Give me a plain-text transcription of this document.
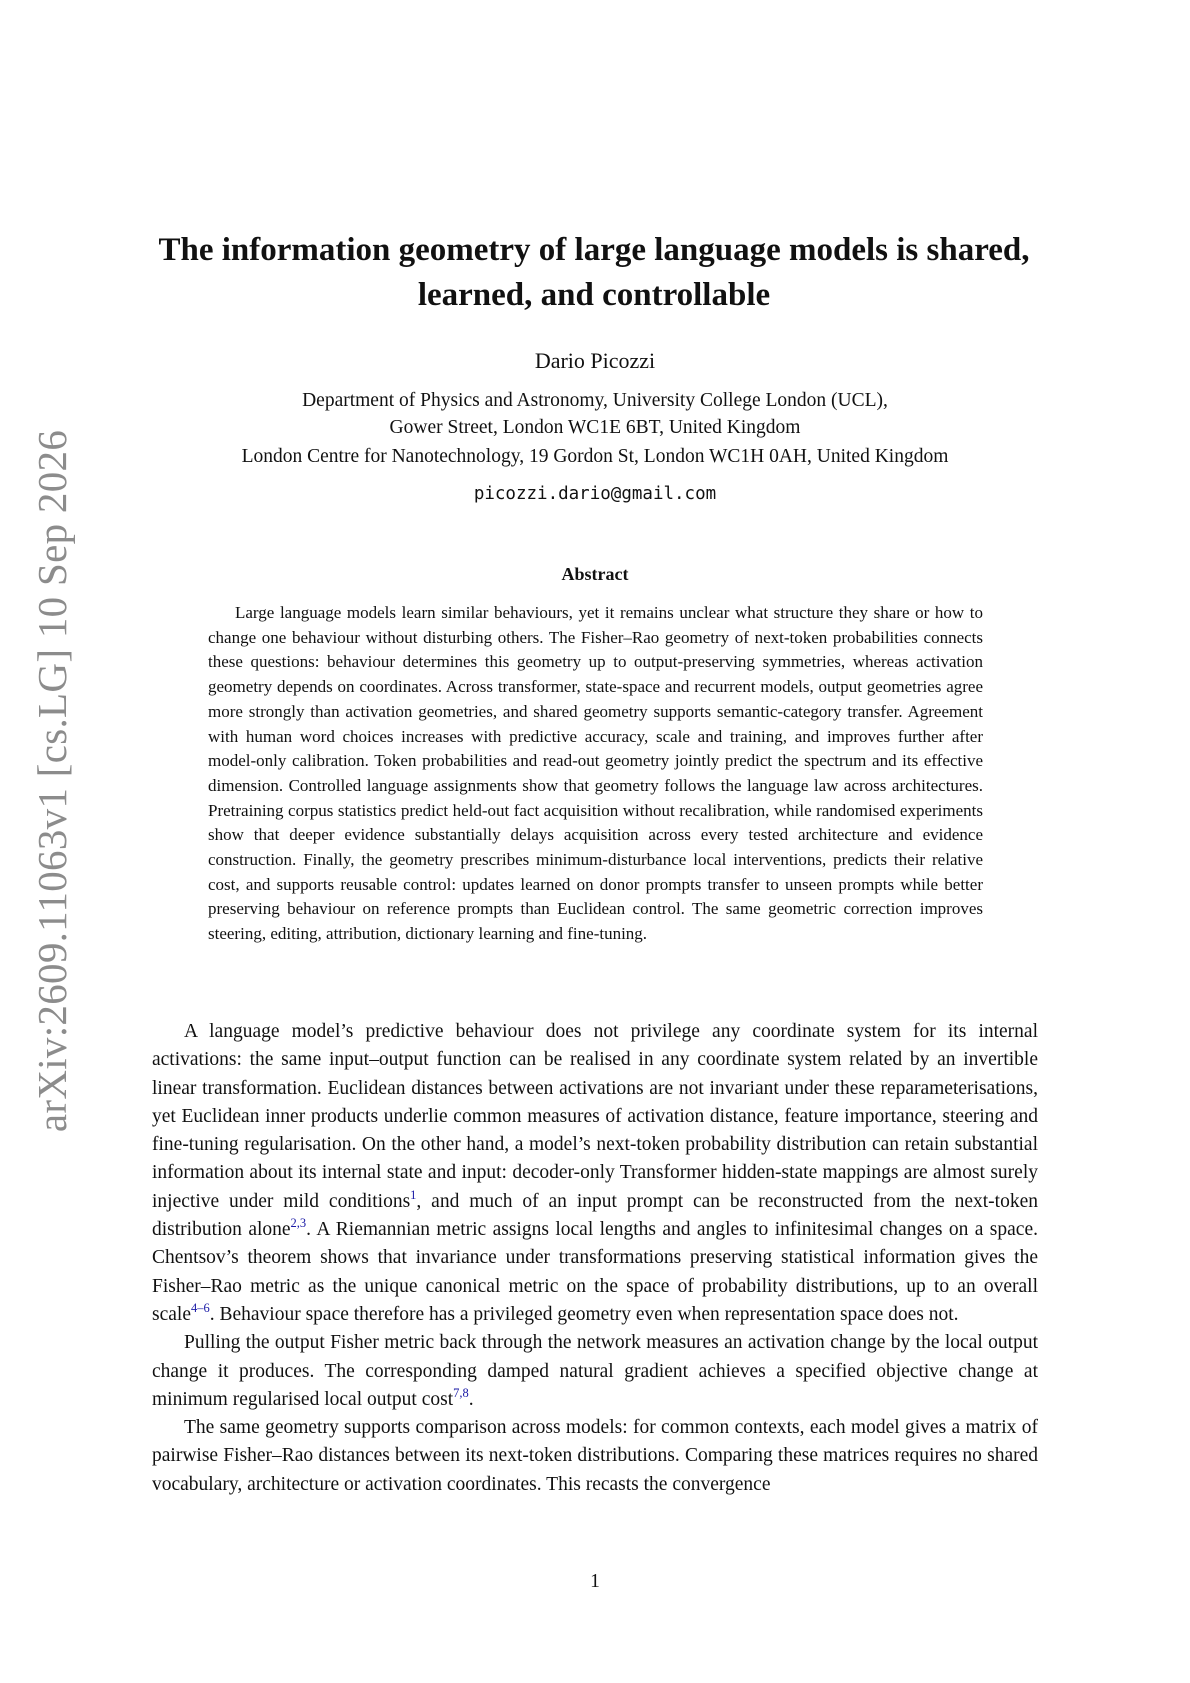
arXiv:2609.11063v1 [cs.LG] 10 Sep 2026
The information geometry of large language models is shared, learned, and controllable
Dario Picozzi
Department of Physics and Astronomy, University College London (UCL),
Gower Street, London WC1E 6BT, United Kingdom
London Centre for Nanotechnology, 19 Gordon St, London WC1H 0AH, United Kingdom
picozzi.dario@gmail.com
Abstract

Large language models learn similar behaviours, yet it remains unclear what structure they share or how to change one behaviour without disturbing others. The Fisher–Rao geometry of next-token probabilities connects these questions: behaviour determines this geometry up to output-preserving symmetries, whereas activation geometry depends on coordinates. Across transformer, state-space and recurrent models, output geometries agree more strongly than activation geometries, and shared geometry supports semantic-category transfer. Agreement with human word choices increases with predictive accuracy, scale and training, and improves further after model-only calibration. Token probabilities and read-out geometry jointly predict the spectrum and its effective dimension. Controlled language assignments show that geometry follows the language law across architectures. Pretraining corpus statistics predict held-out fact acquisition without recalibration, while randomised experiments show that deeper evidence substantially delays acquisition across every tested architecture and evidence construction. Finally, the geometry prescribes minimum-disturbance local interventions, predicts their relative cost, and supports reusable control: updates learned on donor prompts transfer to unseen prompts while better preserving behaviour on reference prompts than Euclidean control. The same geometric correction improves steering, editing, attribution, dictionary learning and fine-tuning.

A language model’s predictive behaviour does not privilege any coordinate system for its internal activations: the same input–output function can be realised in any coordinate system related by an invertible linear transformation. Euclidean distances between activations are not invariant under these reparameterisations, yet Euclidean inner products underlie common measures of activation distance, feature importance, steering and fine-tuning regularisation. On the other hand, a model’s next-token probability distribution can retain substantial information about its internal state and input: decoder-only Transformer hidden-state mappings are almost surely injective under mild conditions$^1$, and much of an input prompt can be reconstructed from the next-token distribution alone$^{2,3}$. A Riemannian metric assigns local lengths and angles to infinitesimal changes on a space. Chentsov’s theorem shows that invariance under transformations preserving statistical information gives the Fisher–Rao metric as the unique canonical metric on the space of probability distributions, up to an overall scale$^{4-6}$. Behaviour space therefore has a privileged geometry even when representation space does not.

Pulling the output Fisher metric back through the network measures an activation change by the local output change it produces. The corresponding damped natural gradient achieves a specified objective change at minimum regularised local output cost$^{7,8}$.

The same geometry supports comparison across models: for common contexts, each model gives a matrix of pairwise Fisher–Rao distances between its next-token distributions. Comparing these matrices requires no shared vocabulary, architecture or activation coordinates. This recasts the convergence

1
